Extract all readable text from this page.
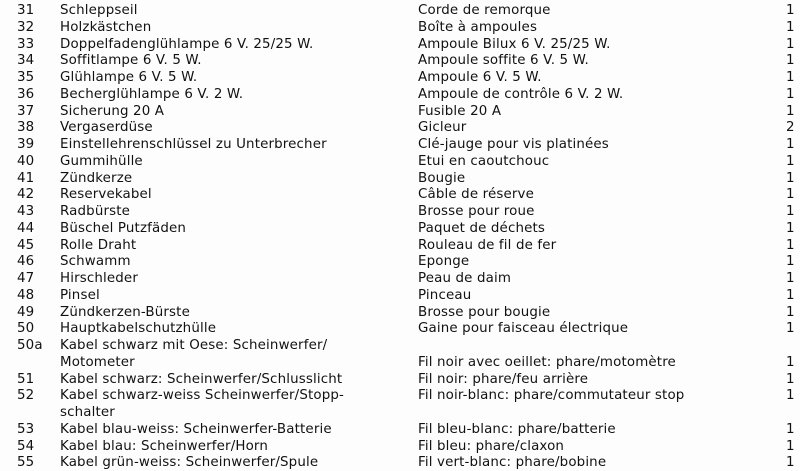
31	Schleppseil	Corde de remorque	1
32	Holzkästchen	Boîte à ampoules	1
33	Doppelfadenglühlampe 6 V. 25/25 W.	Ampoule Bilux 6 V. 25/25 W.	1
34	Soffitlampe 6 V. 5 W.	Ampoule soffite 6 V. 5 W.	1
35	Glühlampe 6 V. 5 W.	Ampoule 6 V. 5 W.	1
36	Becherglühlampe 6 V. 2 W.	Ampoule de contrôle 6 V. 2 W.	1
37	Sicherung 20 A	Fusible 20 A	1
38	Vergaserdüse	Gicleur	2
39	Einstellehrenschlüssel zu Unterbrecher	Clé-jauge pour vis platinées	1
40	Gummihülle	Etui en caoutchouc	1
41	Zündkerze	Bougie	1
42	Reservekabel	Câble de réserve	1
43	Radbürste	Brosse pour roue	1
44	Büschel Putzfäden	Paquet de déchets	1
45	Rolle Draht	Rouleau de fil de fer	1
46	Schwamm	Eponge	1
47	Hirschleder	Peau de daim	1
48	Pinsel	Pinceau	1
49	Zündkerzen-Bürste	Brosse pour bougie	1
50	Hauptkabelschutzhülle	Gaine pour faisceau électrique	1
50a	Kabel schwarz mit Oese: Scheinwerfer/
Motometer	Fil noir avec oeillet: phare/motomètre	1
51	Kabel schwarz: Scheinwerfer/Schlusslicht	Fil noir: phare/feu arrière	1
52	Kabel schwarz-weiss Scheinwerfer/Stopp-	Fil noir-blanc: phare/commutateur stop	1
schalter
53	Kabel blau-weiss: Scheinwerfer-Batterie	Fil bleu-blanc: phare/batterie	1
54	Kabel blau: Scheinwerfer/Horn	Fil bleu: phare/claxon	1
55	Kabel grün-weiss: Scheinwerfer/Spule	Fil vert-blanc: phare/bobine	1
